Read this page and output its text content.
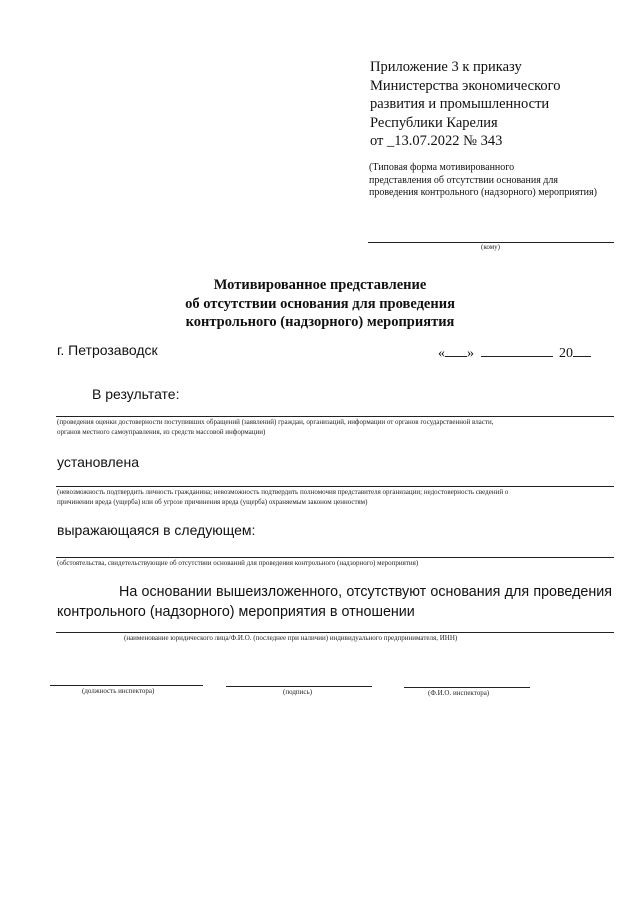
Приложение 3 к приказу
Министерства экономического
развития и промышленности
Республики Карелия
от _13.07.2022 № 343
(Типовая форма мотивированного
представления об отсутствии основания для
проведения контрольного (надзорного) мероприятия)
(кому)
Мотивированное представление
об отсутствии основания для проведения
контрольного (надзорного) мероприятия
г. Петрозаводск	« »	20
В результате:
(проведения оценки достоверности поступивших обращений (заявлений) граждан, организаций, информации от органов государственной власти,
органов местного самоуправления, из средств массовой информации)
установлена
(невозможность подтвердить личность гражданина; невозможность подтвердить полномочия представителя организации; недостоверность сведений о
причинении вреда (ущерба) или об угрозе причинения вреда (ущерба) охраняемым законом ценностям)
выражающаяся в следующем:
(обстоятельства, свидетельствующие об отсутствии оснований для проведения контрольного (надзорного) мероприятия)
На основании вышеизложенного, отсутствуют основания для проведения
контрольного (надзорного) мероприятия в отношении
(наименование юридического лица/Ф.И.О. (последнее при наличии) индивидуального предпринимателя, ИНН)
(должность инспектора)	(подпись)	(Ф.И.О. инспектора)
